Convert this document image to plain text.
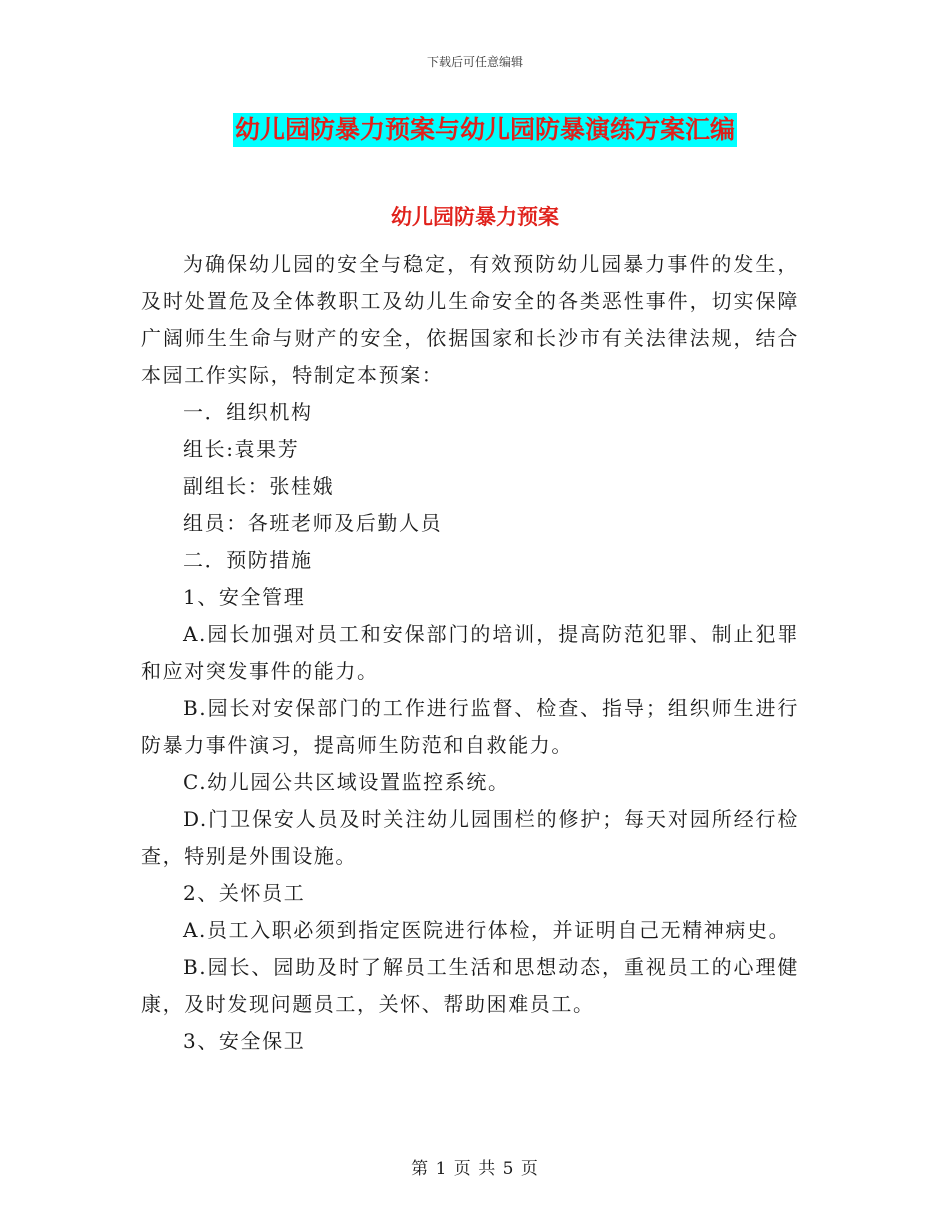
下载后可任意编辑
幼儿园防暴力预案与幼儿园防暴演练方案汇编
幼儿园防暴力预案

为确保幼儿园的安全与稳定，有效预防幼儿园暴力事件的发生，及时处置危及全体教职工及幼儿生命安全的各类恶性事件，切实保障广阔师生生命与财产的安全，依据国家和长沙市有关法律法规，结合本园工作实际，特制定本预案：

一．组织机构

组长:袁果芳

副组长：张桂娥

组员：各班老师及后勤人员

二．预防措施

1、安全管理

A.园长加强对员工和安保部门的培训，提高防范犯罪、制止犯罪和应对突发事件的能力。

B.园长对安保部门的工作进行监督、检查、指导；组织师生进行防暴力事件演习，提高师生防范和自救能力。

C.幼儿园公共区域设置监控系统。

D.门卫保安人员及时关注幼儿园围栏的修护；每天对园所经行检查，特别是外围设施。

2、关怀员工

A.员工入职必须到指定医院进行体检，并证明自己无精神病史。

B.园长、园助及时了解员工生活和思想动态，重视员工的心理健康，及时发现问题员工，关怀、帮助困难员工。

3、安全保卫

第 1 页 共 5 页
